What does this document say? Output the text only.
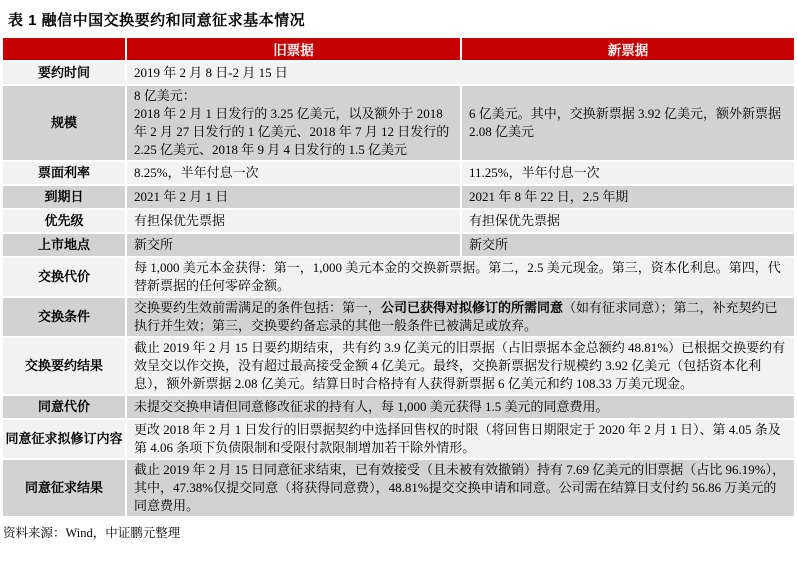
表 1 融信中国交换要约和同意征求基本情况
	旧票据	新票据
要约时间	2019 年 2 月 8 日-2 月 15 日	
规模	8 亿美元：
2018 年 2 月 1 日发行的 3.25 亿美元，以及额外于 2018 年 2 月 27 日发行的 1 亿美元、2018 年 7 月 12 日发行的 2.25 亿美元、2018 年 9 月 4 日发行的 1.5 亿美元	6 亿美元。其中，交换新票据 3.92 亿美元，额外新票据 2.08 亿美元
票面利率	8.25%，半年付息一次	11.25%，半年付息一次
到期日	2021 年 2 月 1 日	2021 年 8 年 22 日，2.5 年期
优先级	有担保优先票据	有担保优先票据
上市地点	新交所	新交所
交换代价	每 1,000 美元本金获得：第一，1,000 美元本金的交换新票据。第二，2.5 美元现金。第三，资本化利息。第四，代替新票据的任何零碎金额。	
交换条件	交换要约生效前需满足的条件包括：第一，公司已获得对拟修订的所需同意（如有征求同意）；第二，补充契约已执行并生效；第三，交换要约备忘录的其他一般条件已被满足或放弃。	
交换要约结果	截止 2019 年 2 月 15 日要约期结束，共有约 3.9 亿美元的旧票据（占旧票据本金总额约 48.81%）已根据交换要约有效呈交以作交换，没有超过最高接受金额 4 亿美元。最终，交换新票据发行规模约 3.92 亿美元（包括资本化利息），额外新票据 2.08 亿美元。结算日时合格持有人获得新票据 6 亿美元和约 108.33 万美元现金。	
同意代价	未提交交换申请但同意修改征求的持有人，每 1,000 美元获得 1.5 美元的同意费用。	
同意征求拟修订内容	更改 2018 年 2 月 1 日发行的旧票据契约中选择回售权的时限（将回售日期限定于 2020 年 2 月 1 日）、第 4.05 条及第 4.06 条项下负债限制和受限付款限制增加若干除外情形。	
同意征求结果	截止 2019 年 2 月 15 日同意征求结束，已有效接受（且未被有效撤销）持有 7.69 亿美元的旧票据（占比 96.19%），其中，47.38%仅提交同意（将获得同意费），48.81%提交交换申请和同意。公司需在结算日支付约 56.86 万美元的同意费用。	
资料来源：Wind，中证鹏元整理
